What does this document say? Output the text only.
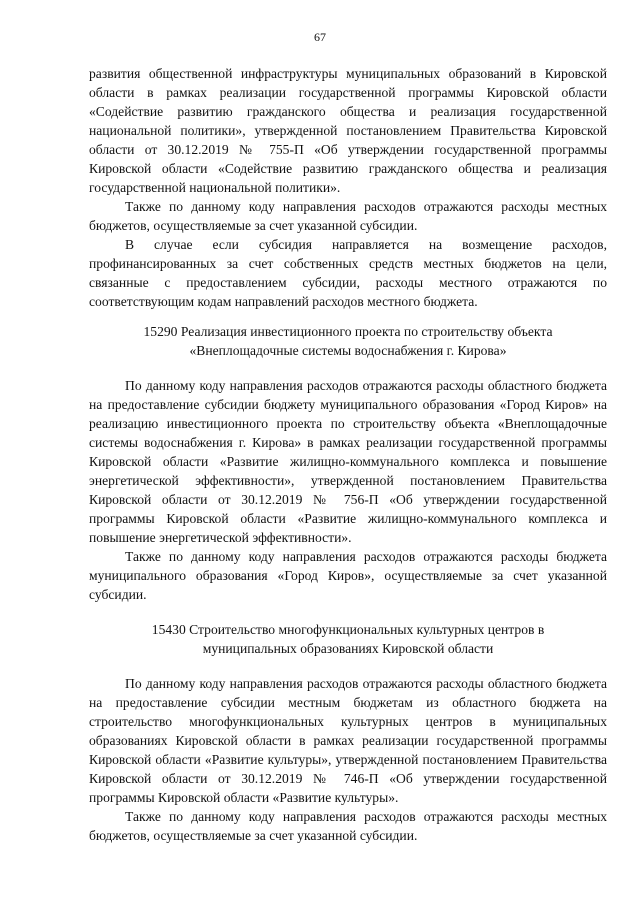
67

развития общественной инфраструктуры муниципальных образований в Кировской области в рамках реализации государственной программы Кировской области «Содействие развитию гражданского общества и реализация государственной национальной политики», утвержденной постановлением Правительства Кировской области от 30.12.2019 № 755-П «Об утверждении государственной программы Кировской области «Содействие развитию гражданского общества и реализация государственной национальной политики».

Также по данному коду направления расходов отражаются расходы местных бюджетов, осуществляемые за счет указанной субсидии.

В случае если субсидия направляется на возмещение расходов, профинансированных за счет собственных средств местных бюджетов на цели, связанные с предоставлением субсидии, расходы местного отражаются по соответствующим кодам направлений расходов местного бюджета.

15290 Реализация инвестиционного проекта по строительству объекта
«Внеплощадочные системы водоснабжения г. Кирова»

По данному коду направления расходов отражаются расходы областного бюджета на предоставление субсидии бюджету муниципального образования «Город Киров» на реализацию инвестиционного проекта по строительству объекта «Внеплощадочные системы водоснабжения г. Кирова» в рамках реализации государственной программы Кировской области «Развитие жилищно-коммунального комплекса и повышение энергетической эффективности», утвержденной постановлением Правительства Кировской области от 30.12.2019 № 756-П «Об утверждении государственной программы Кировской области «Развитие жилищно-коммунального комплекса и повышение энергетической эффективности».

Также по данному коду направления расходов отражаются расходы бюджета муниципального образования «Город Киров», осуществляемые за счет указанной субсидии.

15430 Строительство многофункциональных культурных центров в
муниципальных образованиях Кировской области

По данному коду направления расходов отражаются расходы областного бюджета на предоставление субсидии местным бюджетам из областного бюджета на строительство многофункциональных культурных центров в муниципальных образованиях Кировской области в рамках реализации государственной программы Кировской области «Развитие культуры», утвержденной постановлением Правительства Кировской области от 30.12.2019 № 746-П «Об утверждении государственной программы Кировской области «Развитие культуры».

Также по данному коду направления расходов отражаются расходы местных бюджетов, осуществляемые за счет указанной субсидии.
